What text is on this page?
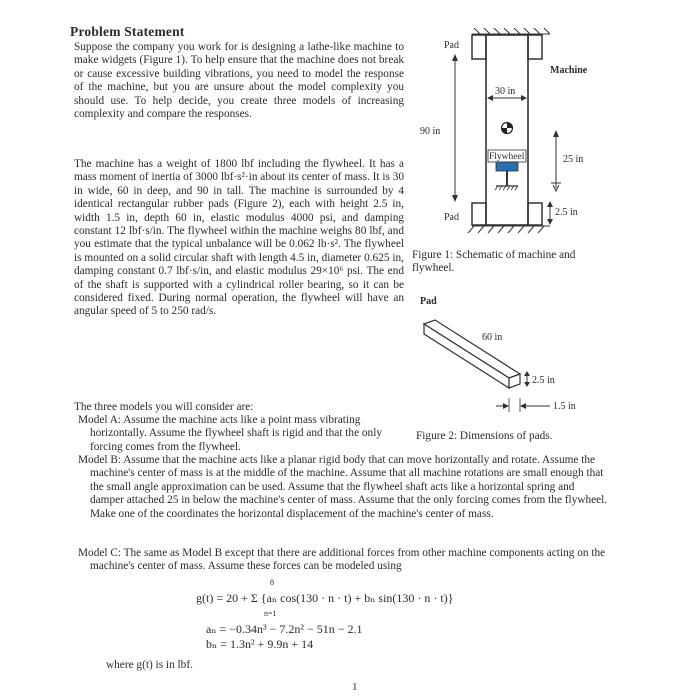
Problem Statement

Suppose the company you work for is designing a lathe-like machine to make widgets (Figure 1). To help ensure that the machine does not break or cause excessive building vibrations, you need to model the response of the machine, but you are unsure about the model complexity you should use. To help decide, you create three models of increasing complexity and compare the responses.

The machine has a weight of 1800 lbf including the flywheel. It has a mass moment of inertia of 3000 lbf·s²·in about its center of mass. It is 30 in wide, 60 in deep, and 90 in tall. The machine is surrounded by 4 identical rectangular rubber pads (Figure 2), each with height 2.5 in, width 1.5 in, depth 60 in, elastic modulus 4000 psi, and damping constant 12 lbf·s/in. The flywheel within the machine weighs 80 lbf, and you estimate that the typical unbalance will be 0.062 lb·s². The flywheel is mounted on a solid circular shaft with length 4.5 in, diameter 0.625 in, damping constant 0.7 lbf·s/in, and elastic modulus 29×10⁶ psi. The end of the shaft is supported with a cylindrical roller bearing, so it can be considered fixed. During normal operation, the flywheel will have an angular speed of 5 to 250 rad/s.

The three models you will consider are:

Model A: Assume the machine acts like a point mass vibrating horizontally. Assume the flywheel shaft is rigid and that the only forcing comes from the flywheel.

Model B: Assume that the machine acts like a planar rigid body that can move horizontally and rotate. Assume the machine's center of mass is at the middle of the machine. Assume that all machine rotations are small enough that the small angle approximation can be used. Assume that the flywheel shaft acts like a horizontal spring and damper attached 25 in below the machine's center of mass. Assume that the only forcing comes from the flywheel. Make one of the coordinates the horizontal displacement of the machine's center of mass.

Model C: The same as Model B except that there are additional forces from other machine components acting on the machine's center of mass. Assume these forces can be modeled using

g(t) = 20 + Σ {aₙ cos(130 · n · t) + bₙ sin(130 · n · t)}
8
n=1
aₙ = −0.34n³ − 7.2n² − 51n − 2.1
bₙ = 1.3n² + 9.9n + 14
where g(t) is in lbf.
1
Pad
Pad
Machine
90 in
30 in
Flywheel	25 in
2.5 in
Figure 1: Schematic of machine and flywheel.
Pad
60 in
2.5 in
1.5 in
Figure 2: Dimensions of pads.
